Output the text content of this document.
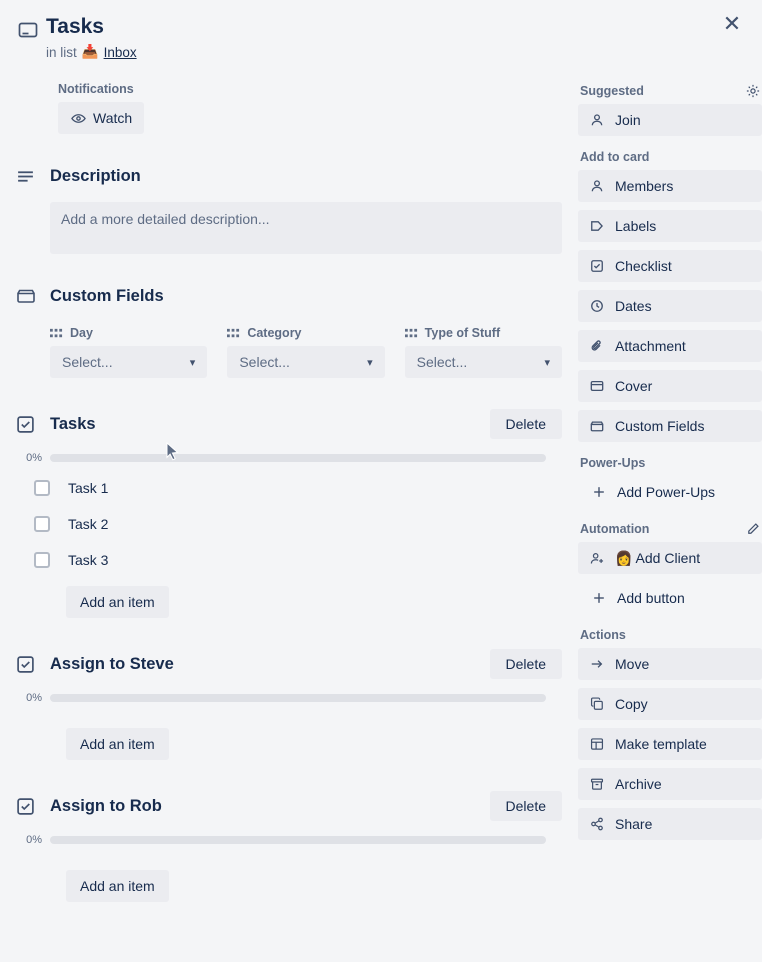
✕
Tasks
in list 📥 Inbox
Notifications
Watch
Description
Add a more detailed description...
Custom Fields
Day
Select...	▾
Category
Select...	▾
Type of Stuff
Select...	▾
Tasks	Delete
0%
Task 1
Task 2
Task 3
Add an item
Assign to Steve	Delete
0%
Add an item
Assign to Rob	Delete
0%
Add an item
Suggested
Join
Add to card
Members
Labels
Checklist
Dates
Attachment
Cover
Custom Fields
Power-Ups
Add Power-Ups
Automation
👩 Add Client
Add button
Actions
Move
Copy
Make template
Archive
Share
